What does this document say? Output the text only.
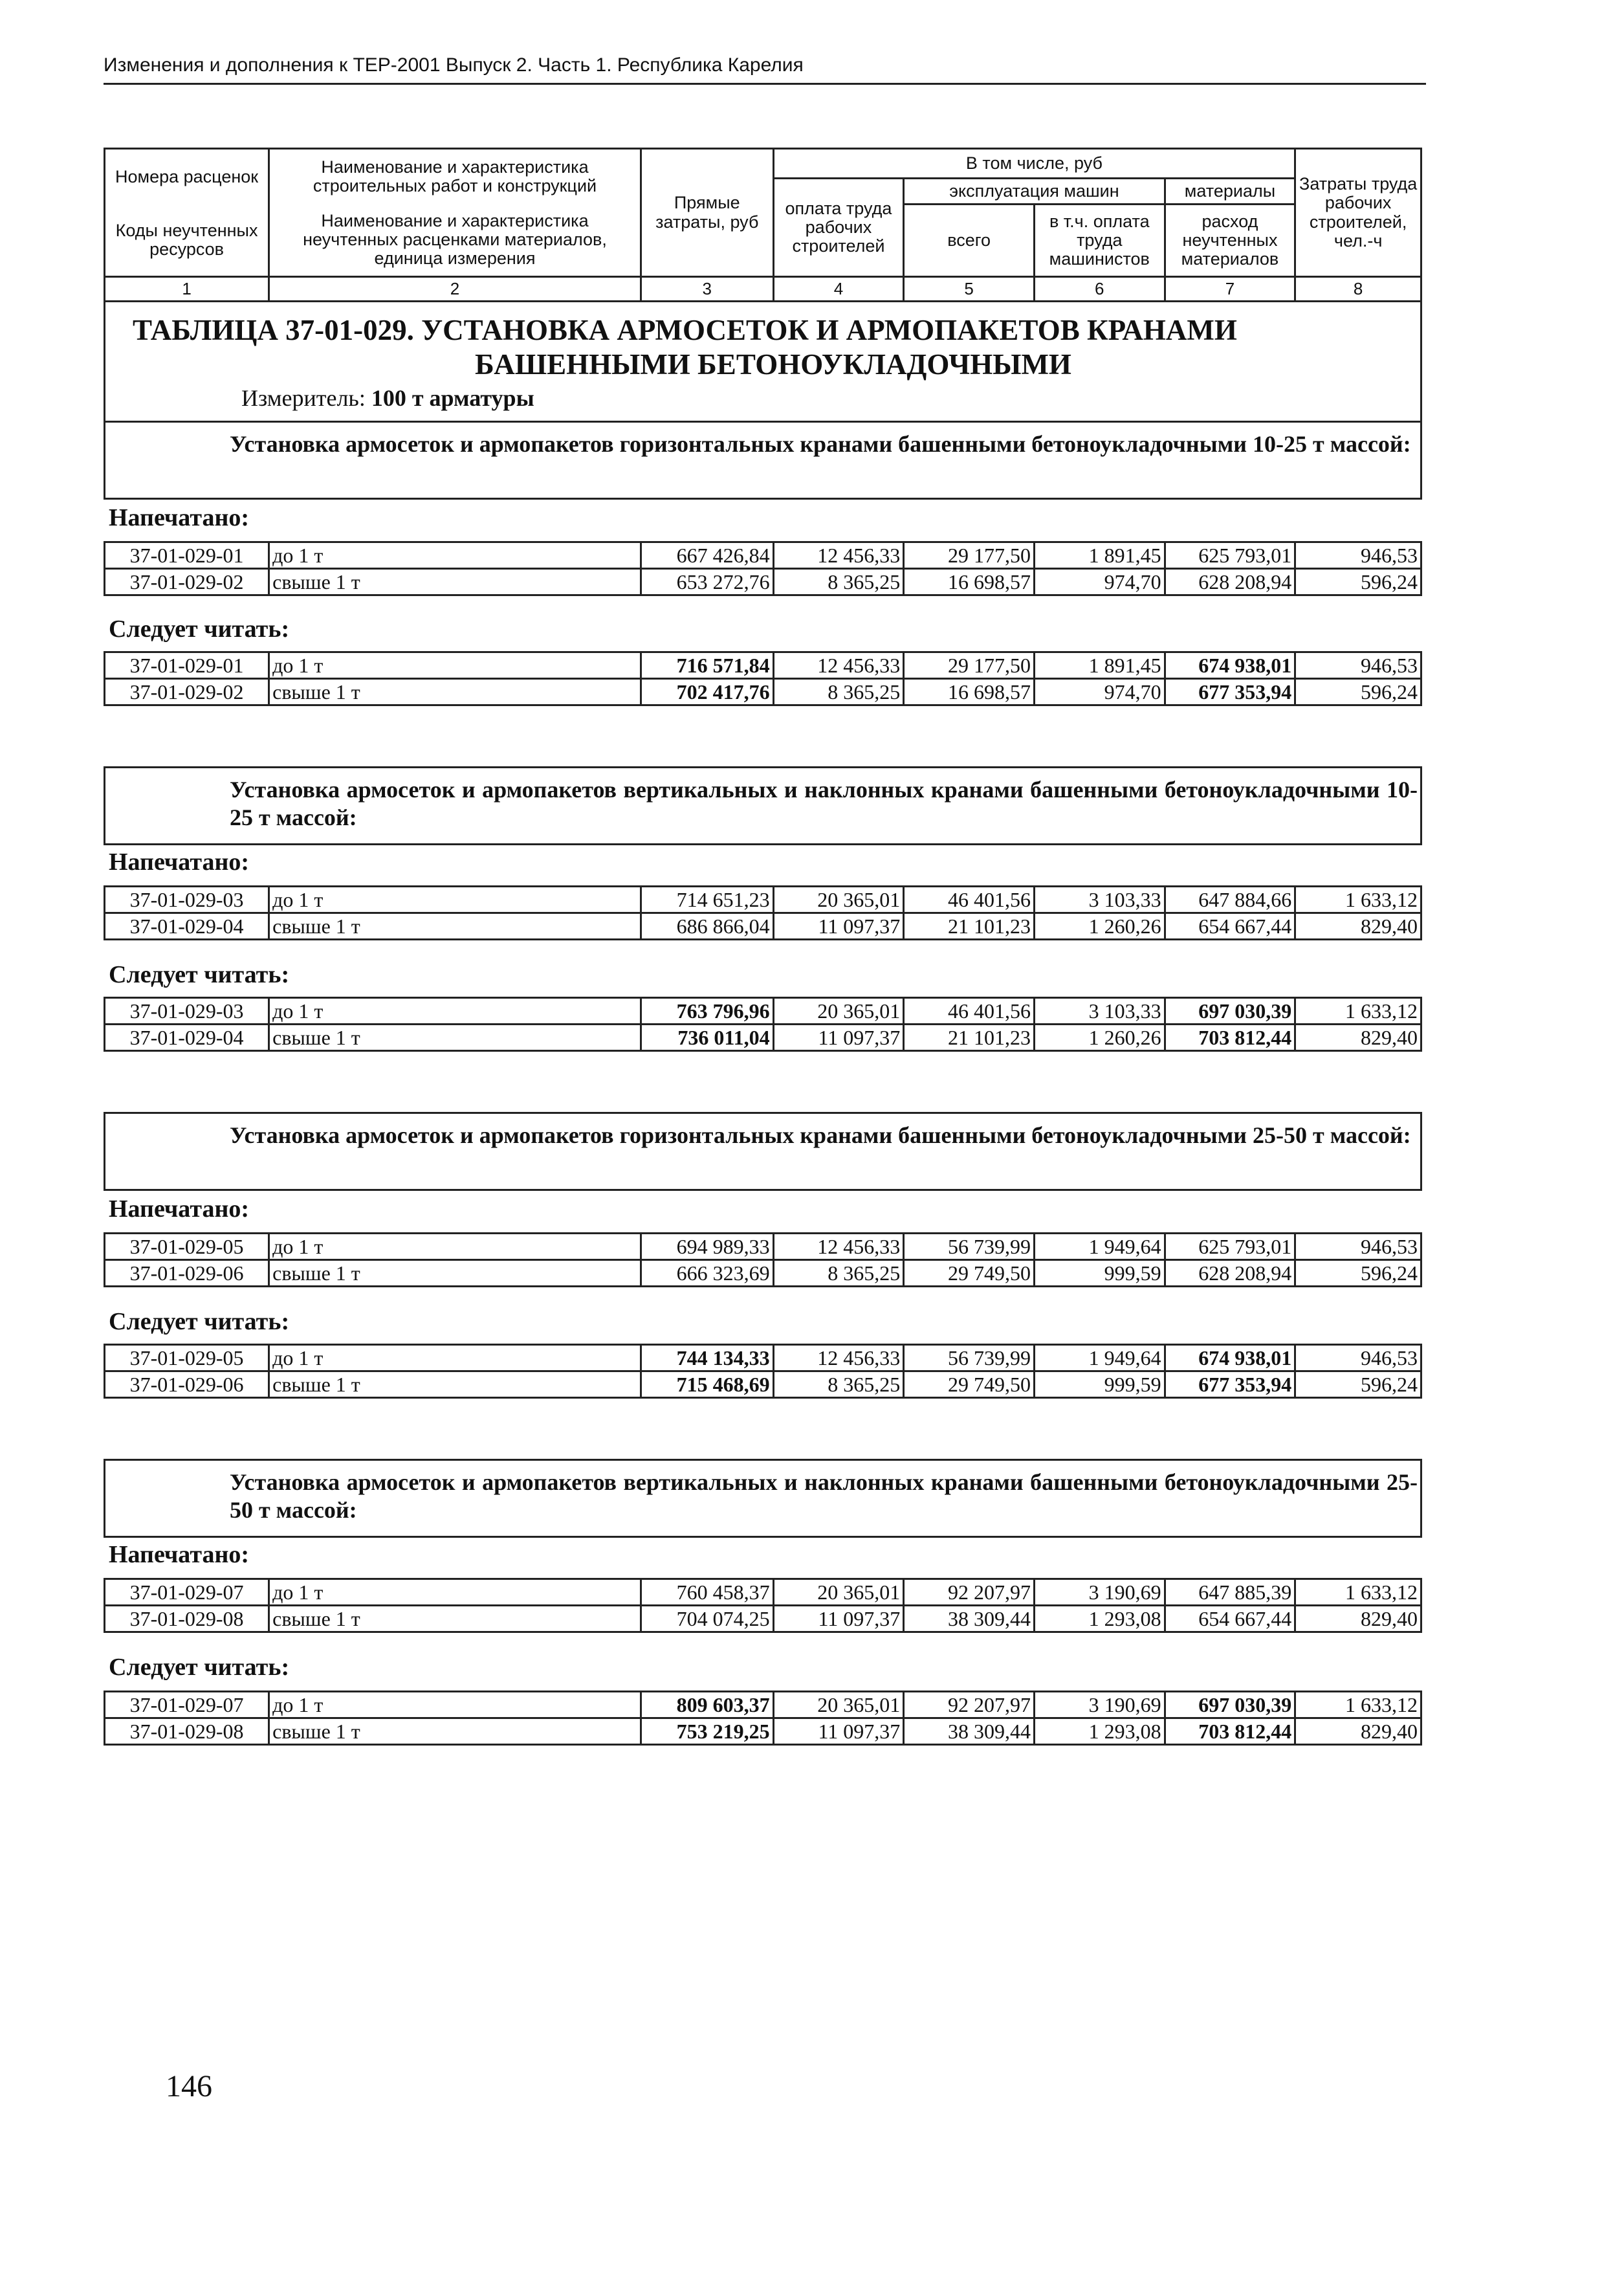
Изменения и дополнения к ТЕР-2001 Выпуск 2. Часть 1. Республика Карелия
Номера расценок	Наименование и характеристика строительных работ и конструкций	Прямые затраты, руб	В том числе, руб				Затраты труда рабочих строителей, чел.-ч
			оплата труда рабочих строителей	эксплуатация машин		материалы	
Коды неучтенных ресурсов	Наименование и характеристика неучтенных расценками материалов, единица измерения			всего	в т.ч. оплата труда машинистов	расход неучтенных материалов	

1	2	3	4	5	6	7	8
ТАБЛИЦА 37-01-029. УСТАНОВКА АРМОСЕТОК И АРМОПАКЕТОВ КРАНАМИ
БАШЕННЫМИ БЕТОНОУКЛАДОЧНЫМИ
Измеритель: 100 т арматуры
Установка армосеток и армопакетов горизонтальных кранами башенными бетоноукладочными 10-25 т массой:
Напечатано:
37-01-029-01	до 1 т	667 426,84	12 456,33	29 177,50	1 891,45	625 793,01	946,53
37-01-029-02	свыше 1 т	653 272,76	8 365,25	16 698,57	974,70	628 208,94	596,24
Следует читать:
37-01-029-01	до 1 т	716 571,84	12 456,33	29 177,50	1 891,45	674 938,01	946,53
37-01-029-02	свыше 1 т	702 417,76	8 365,25	16 698,57	974,70	677 353,94	596,24
Установка армосеток и армопакетов вертикальных и наклонных кранами башенными бетоноукладочными 10-25 т массой:
Напечатано:
37-01-029-03	до 1 т	714 651,23	20 365,01	46 401,56	3 103,33	647 884,66	1 633,12
37-01-029-04	свыше 1 т	686 866,04	11 097,37	21 101,23	1 260,26	654 667,44	829,40
Следует читать:
37-01-029-03	до 1 т	763 796,96	20 365,01	46 401,56	3 103,33	697 030,39	1 633,12
37-01-029-04	свыше 1 т	736 011,04	11 097,37	21 101,23	1 260,26	703 812,44	829,40
Установка армосеток и армопакетов горизонтальных кранами башенными бетоноукладочными 25-50 т массой:
Напечатано:
37-01-029-05	до 1 т	694 989,33	12 456,33	56 739,99	1 949,64	625 793,01	946,53
37-01-029-06	свыше 1 т	666 323,69	8 365,25	29 749,50	999,59	628 208,94	596,24
Следует читать:
37-01-029-05	до 1 т	744 134,33	12 456,33	56 739,99	1 949,64	674 938,01	946,53
37-01-029-06	свыше 1 т	715 468,69	8 365,25	29 749,50	999,59	677 353,94	596,24
Установка армосеток и армопакетов вертикальных и наклонных кранами башенными бетоноукладочными 25-50 т массой:
Напечатано:
37-01-029-07	до 1 т	760 458,37	20 365,01	92 207,97	3 190,69	647 885,39	1 633,12
37-01-029-08	свыше 1 т	704 074,25	11 097,37	38 309,44	1 293,08	654 667,44	829,40
Следует читать:
37-01-029-07	до 1 т	809 603,37	20 365,01	92 207,97	3 190,69	697 030,39	1 633,12
37-01-029-08	свыше 1 т	753 219,25	11 097,37	38 309,44	1 293,08	703 812,44	829,40
146
